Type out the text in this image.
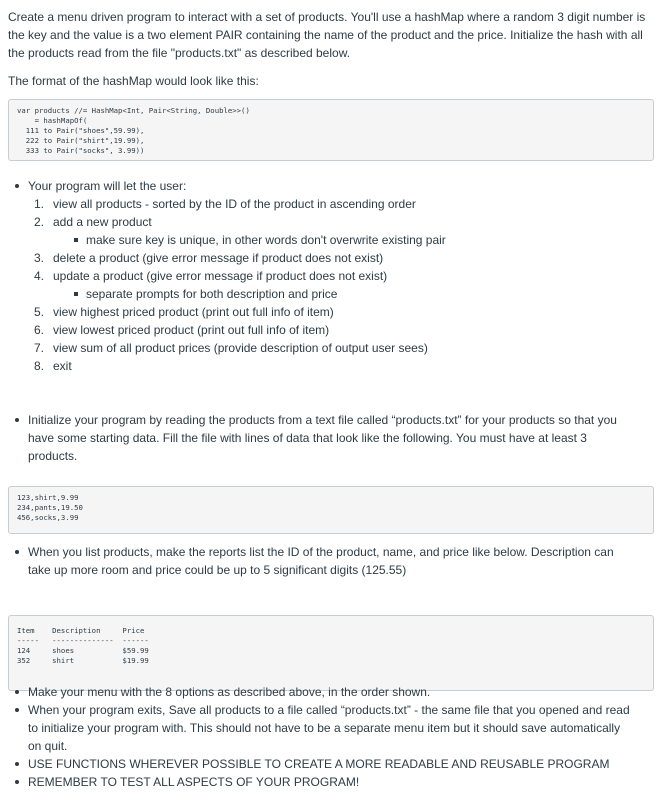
Create a menu driven program to interact with a set of products. You'll use a hashMap where a random 3 digit number is the key and the value is a two element PAIR containing the name of the product and the price. Initialize the hash with all the products read from the file "products.txt" as described below.

The format of the hashMap would look like this:

var products //= HashMap<Int, Pair<String, Double>>()
= hashMapOf(
111 to Pair("shoes",59.99),
222 to Pair("shirt",19.99),
333 to Pair("socks", 3.99))
Your program will let the user:
1. view all products - sorted by the ID of the product in ascending order
2. add a new product
make sure key is unique, in other words don't overwrite existing pair
3. delete a product (give error message if product does not exist)
4. update a product (give error message if product does not exist)
separate prompts for both description and price
5. view highest priced product (print out full info of item)
6. view lowest priced product (print out full info of item)
7. view sum of all product prices (provide description of output user sees)
8. exit
Initialize your program by reading the products from a text file called “products.txt” for your products so that you have some starting data. Fill the file with lines of data that look like the following. You must have at least 3 products.
123,shirt,9.99
234,pants,19.50
456,socks,3.99
When you list products, make the reports list the ID of the product, name, and price like below. Description can take up more room and price could be up to 5 significant digits (125.55)
Item    Description     Price
-----   --------------  ------
124     shoes           $59.99
352     shirt           $19.99
Make your menu with the 8 options as described above, in the order shown.
When your program exits, Save all products to a file called “products.txt” - the same file that you opened and read to initialize your program with. This should not have to be a separate menu item but it should save automatically on quit.
USE FUNCTIONS WHEREVER POSSIBLE TO CREATE A MORE READABLE AND REUSABLE PROGRAM
REMEMBER TO TEST ALL ASPECTS OF YOUR PROGRAM!
